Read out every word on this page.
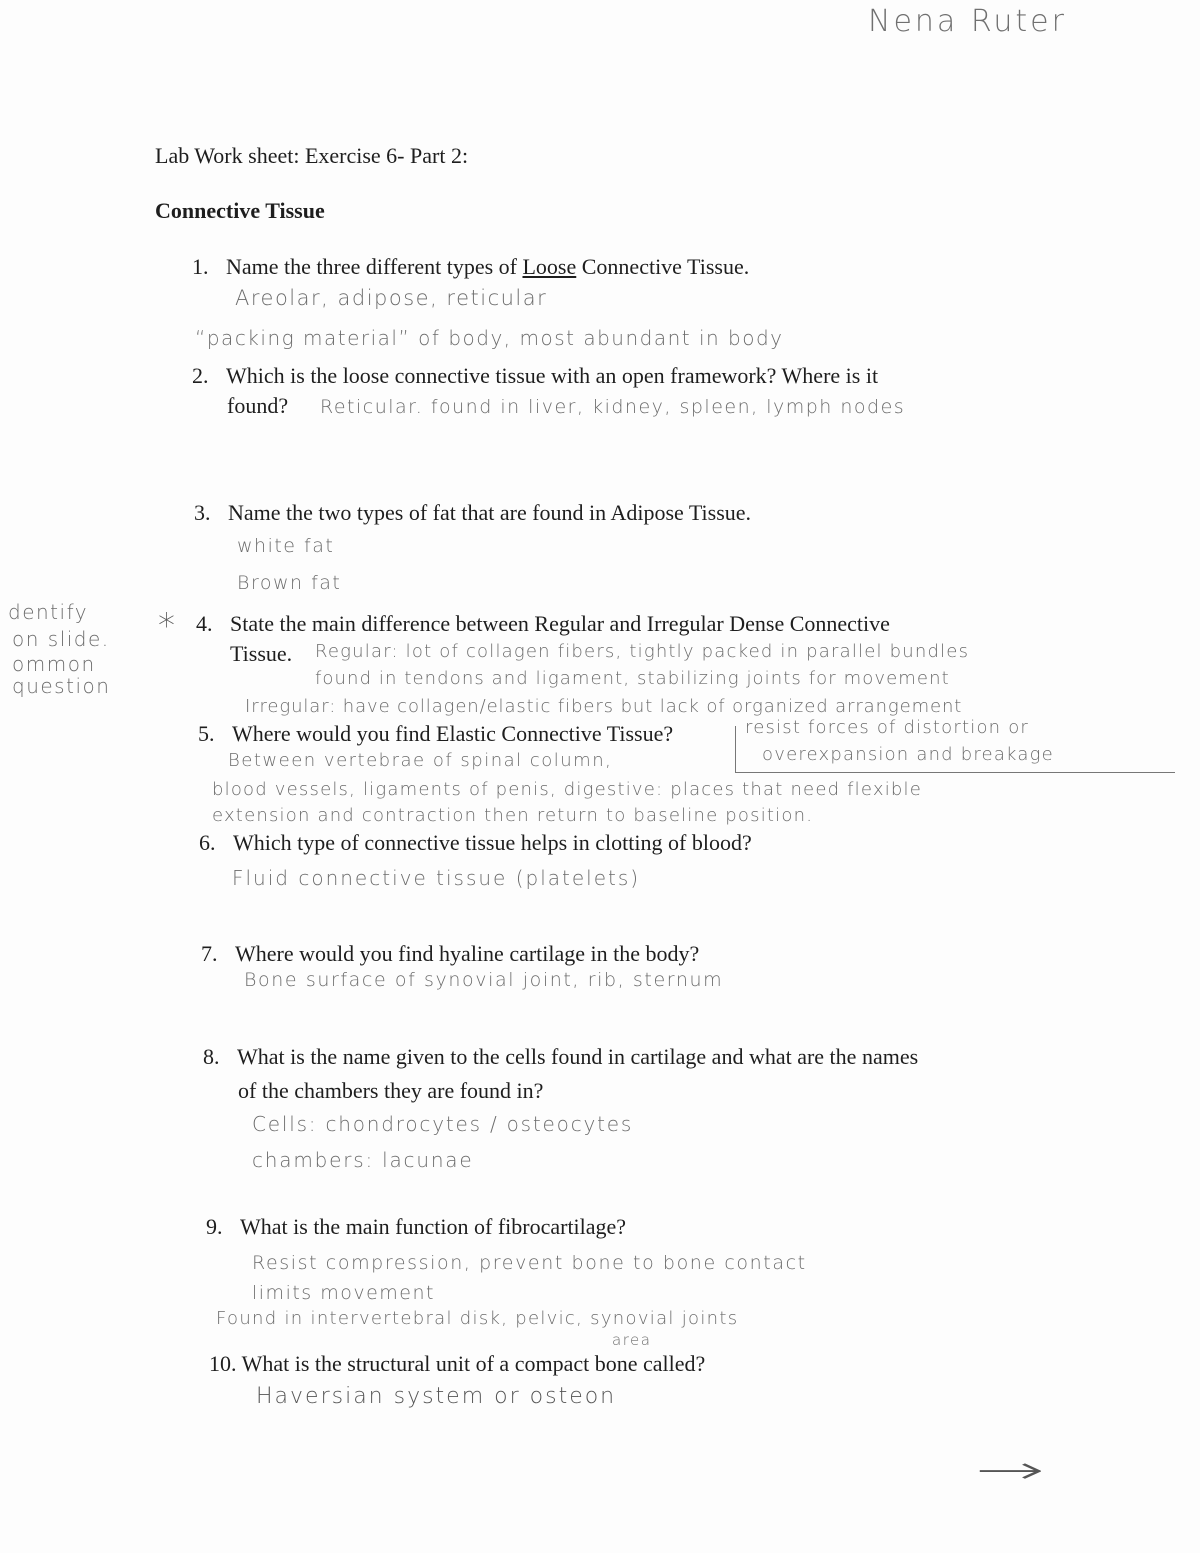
Nena Ruter
Lab Work sheet: Exercise 6- Part 2:
Connective Tissue
1. Name the three different types of Loose Connective Tissue.
Areolar, adipose, reticular
“packing material” of body, most abundant in body
2. Which is the loose connective tissue with an open framework? Where is it
found? Reticular. found in liver, kidney, spleen, lymph nodes
3. Name the two types of fat that are found in Adipose Tissue.
white fat
Brown fat
dentify
on slide.
ommon
question
* 4. State the main difference between Regular and Irregular Dense Connective
Tissue. Regular: lot of collagen fibers, tightly packed in parallel bundles
found in tendons and ligament, stabilizing joints for movement
Irregular: have collagen/elastic fibers but lack of organized arrangement
5. Where would you find Elastic Connective Tissue?	resist forces of distortion or
overexpansion and breakage
Between vertebrae of spinal column,
blood vessels, ligaments of penis, digestive: places that need flexible
extension and contraction then return to baseline position.
6. Which type of connective tissue helps in clotting of blood?
Fluid connective tissue (platelets)
7. Where would you find hyaline cartilage in the body?
Bone surface of synovial joint, rib, sternum
8. What is the name given to the cells found in cartilage and what are the names
of the chambers they are found in?
Cells: chondrocytes / osteocytes
chambers: lacunae
9. What is the main function of fibrocartilage?
Resist compression, prevent bone to bone contact
limits movement
Found in intervertebral disk, pelvic, synovial joints
area
10. What is the structural unit of a compact bone called?
Haversian system or osteon
→
